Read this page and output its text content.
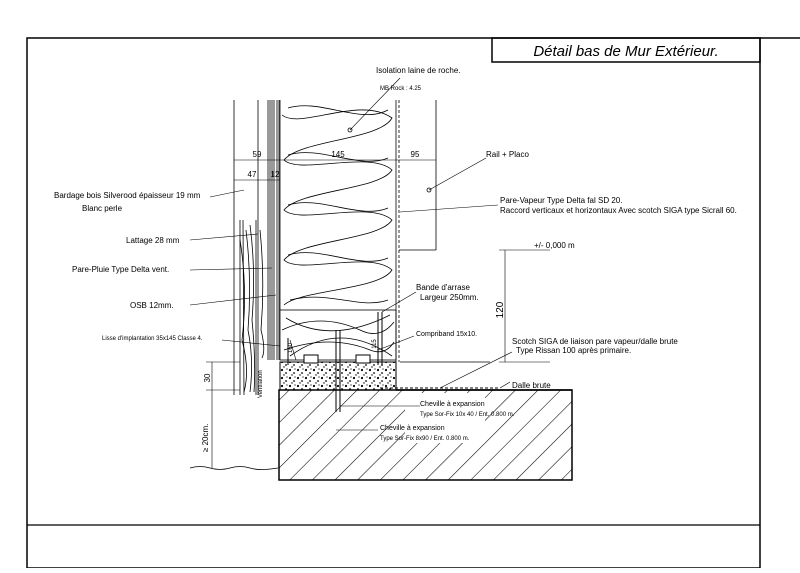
Détail bas de Mur Extérieur.
Isolation laine de roche.
MB Rock : 4.25
Rail + Placo
Bardage bois Silverood épaisseur 19 mm
Blanc perle
Pare-Vapeur Type Delta fal SD 20.
Raccord verticaux et horizontaux Avec scotch SIGA type Sicrall 60.
Lattage 28 mm
+/- 0,000 m
Pare-Pluie Type Delta vent.
Bande d'arrase
Largeur 250mm.
OSB 12mm.
Lisse d'implantation 35x145 Classe 4.
Compriband 15x10.
Scotch SIGA de liaison pare vapeur/dalle brute
Type Rissan 100 après primaire.
Dalle brute
Cheville à expansion
Type Sor-Fix 10x 40 / Ent. 0.800 m.
Cheville à expansion
Type Sor-Fix 8x90 / Ent. 0.800 m.
Ventilation
≥ 20cm.
59	145	95
47 12
120
30
160	115
